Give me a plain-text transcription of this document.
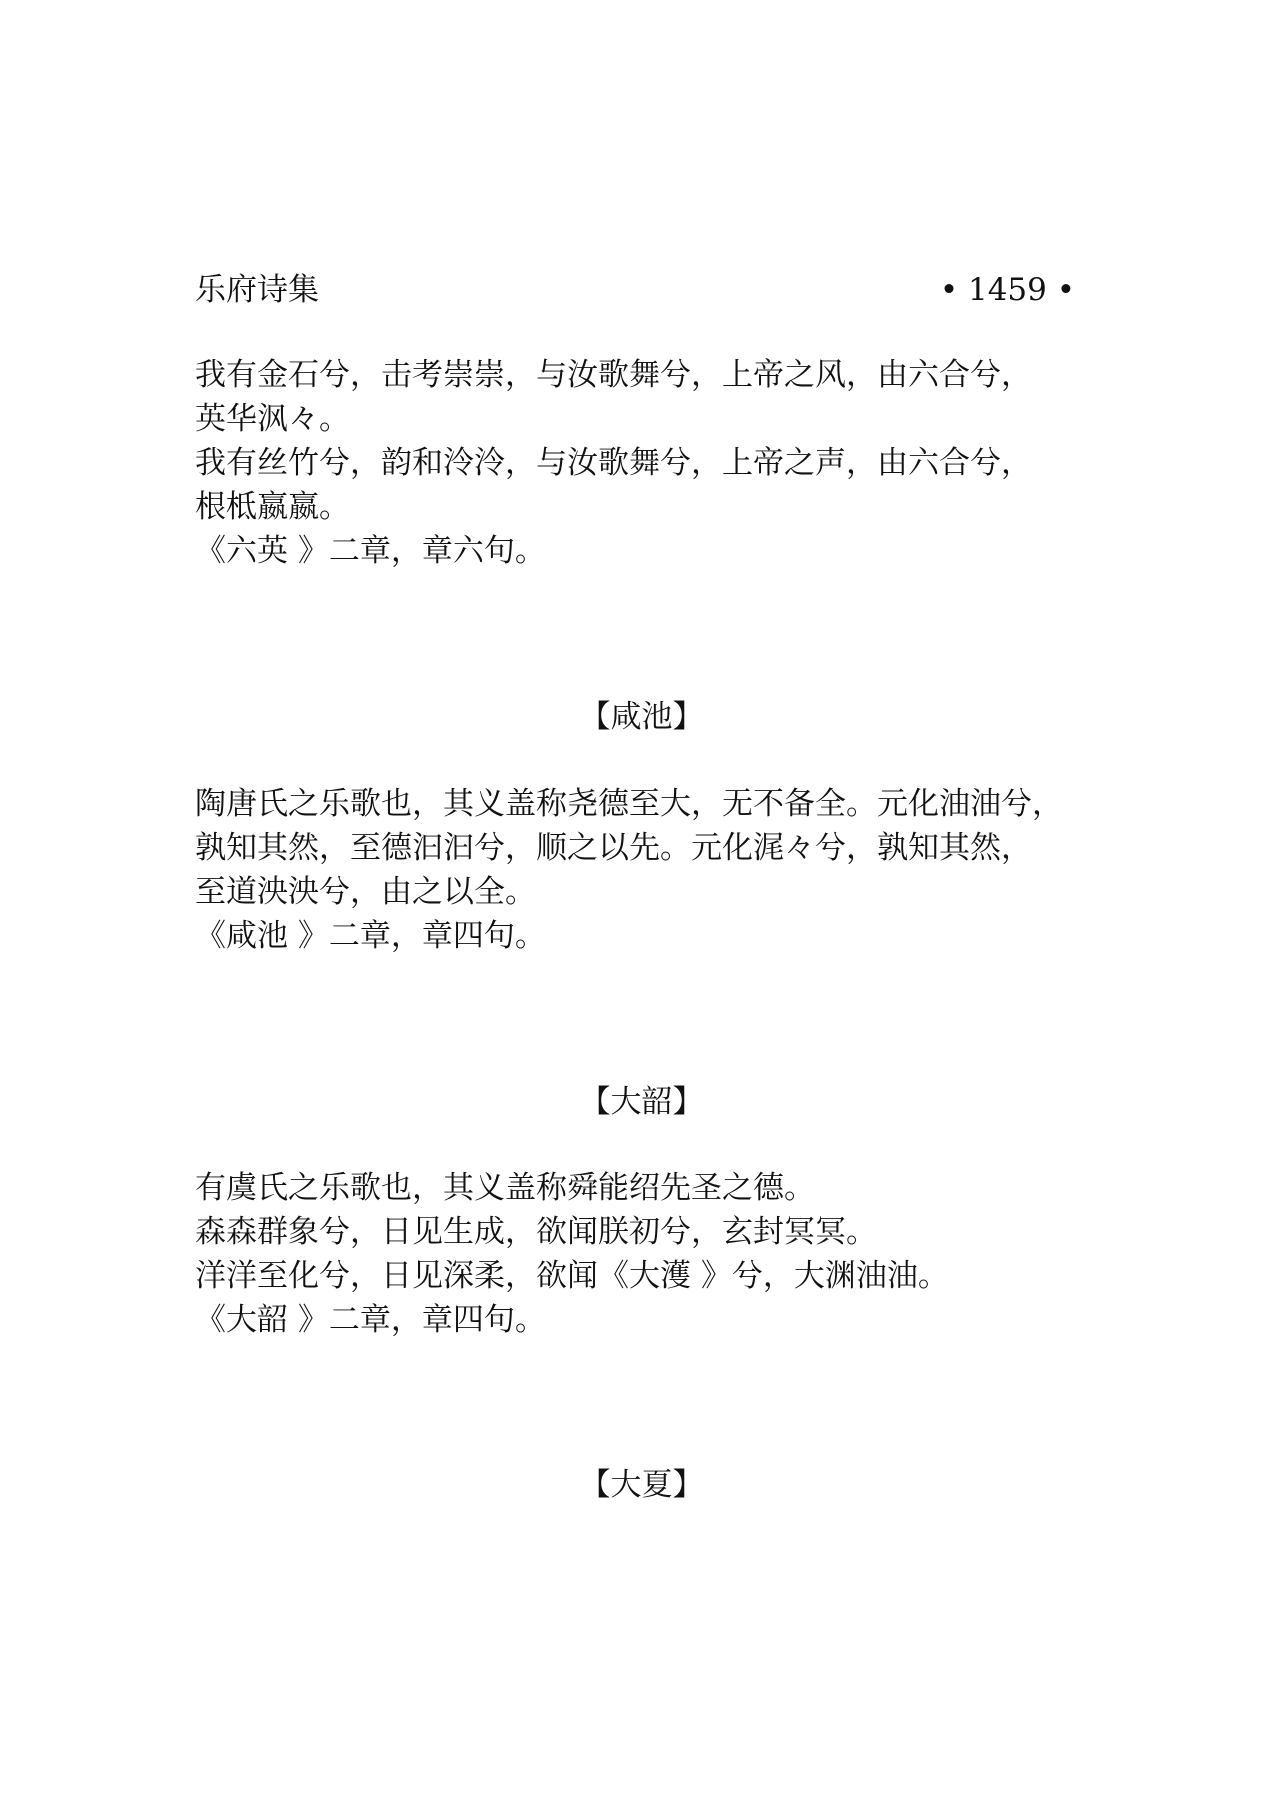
乐府诗集	• 1459 •
我有金石兮，击考崇崇，与汝歌舞兮，上帝之风，由六合兮，
英华沨々。
我有丝竹兮，韵和泠泠，与汝歌舞兮，上帝之声，由六合兮，
根柢嬴嬴。
《六英 》二章，章六句。
【咸池】
陶唐氏之乐歌也，其义盖称尧德至大，无不备全。元化油油兮，
孰知其然，至德汩汩兮，顺之以先。元化浘々兮，孰知其然，
至道泱泱兮，由之以全。
《咸池 》二章，章四句。
【大韶】
有虞氏之乐歌也，其义盖称舜能绍先圣之德。
森森群象兮，日见生成，欲闻朕初兮，玄封冥冥。
洋洋至化兮，日见深柔，欲闻《大濩 》兮，大渊油油。
《大韶 》二章，章四句。
【大夏】
